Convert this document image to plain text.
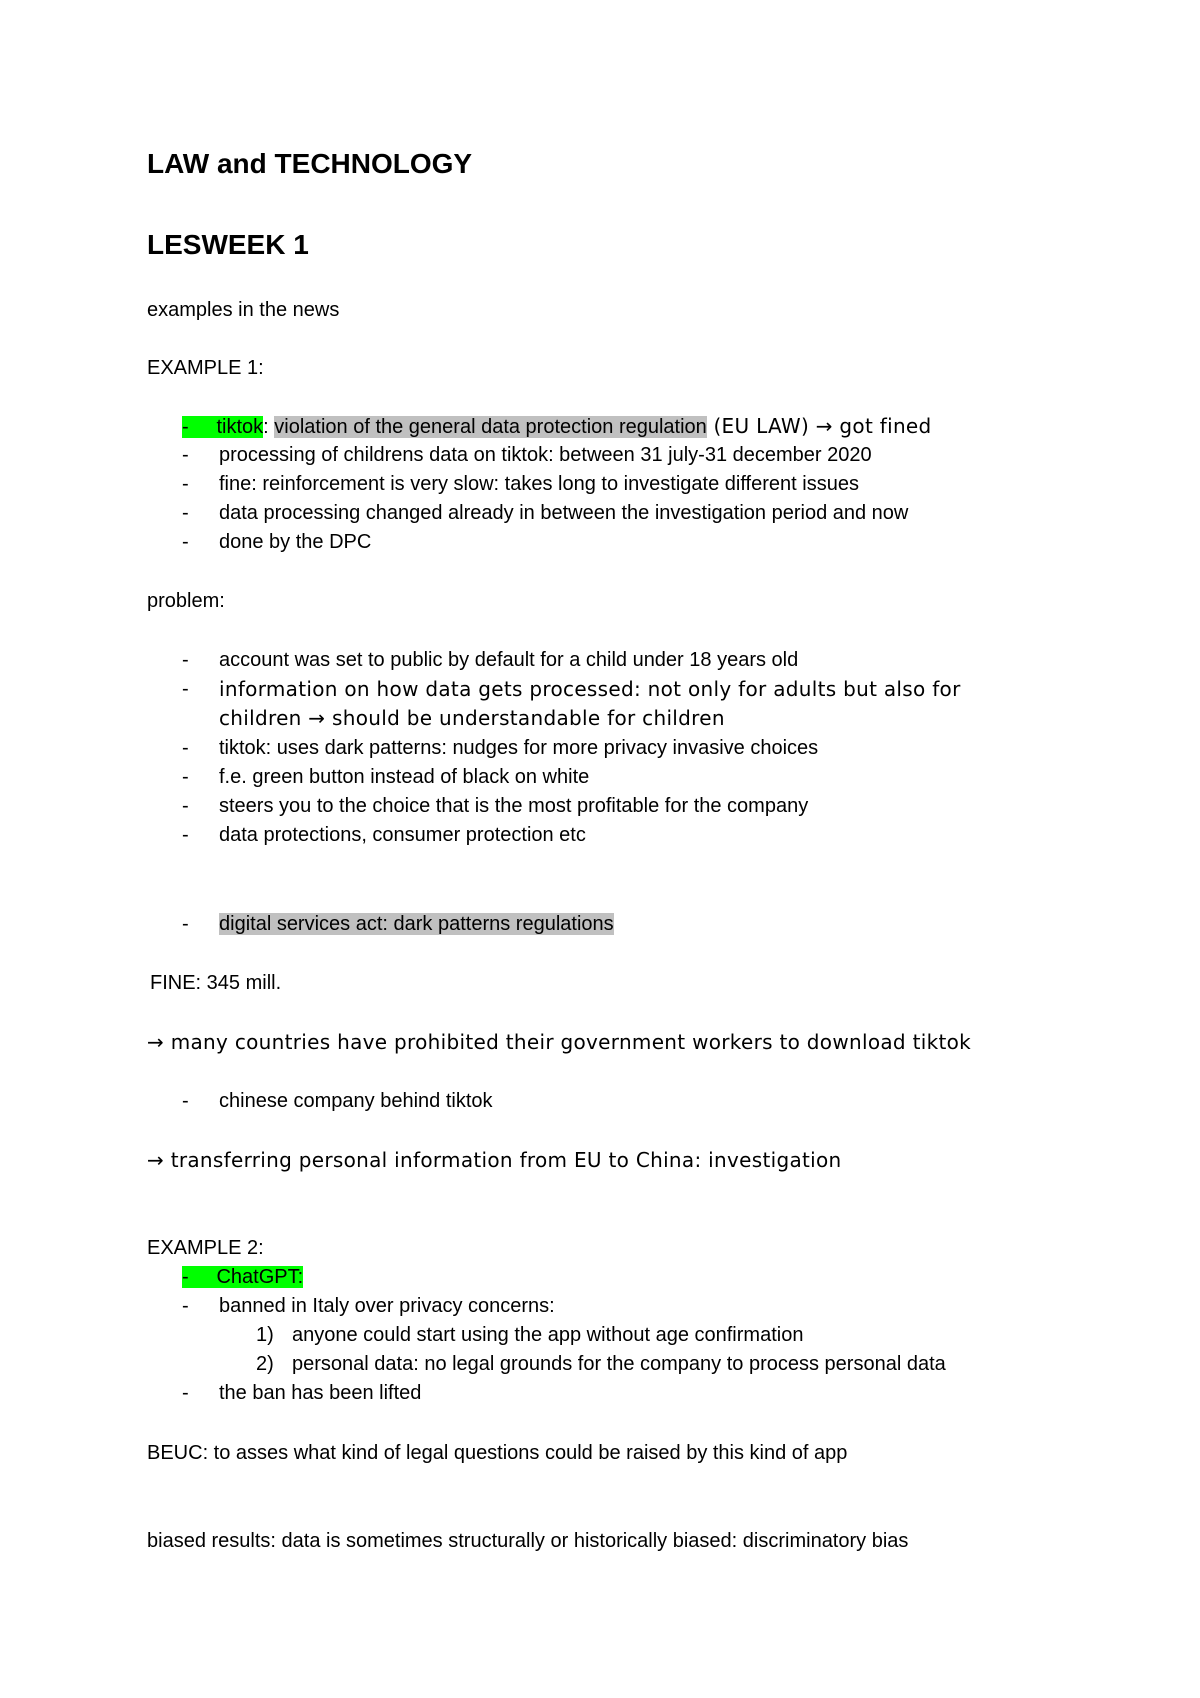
LAW and TECHNOLOGY
LESWEEK 1
examples in the news
EXAMPLE 1:
-     tiktok: violation of the general data protection regulation (EU LAW) → got fined
- processing of childrens data on tiktok: between 31 july-31 december 2020
- fine: reinforcement is very slow: takes long to investigate different issues
- data processing changed already in between the investigation period and now
- done by the DPC
problem:
- account was set to public by default for a child under 18 years old
- information on how data gets processed: not only for adults but also for
children → should be understandable for children
- tiktok: uses dark patterns: nudges for more privacy invasive choices
- f.e. green button instead of black on white
- steers you to the choice that is the most profitable for the company
- data protections, consumer protection etc
- digital services act: dark patterns regulations
FINE: 345 mill.
→ many countries have prohibited their government workers to download tiktok
- chinese company behind tiktok
→ transferring personal information from EU to China: investigation
EXAMPLE 2:
-     ChatGPT:
- banned in Italy over privacy concerns:
1) anyone could start using the app without age confirmation
2) personal data: no legal grounds for the company to process personal data
- the ban has been lifted
BEUC: to asses what kind of legal questions could be raised by this kind of app
biased results: data is sometimes structurally or historically biased: discriminatory bias
